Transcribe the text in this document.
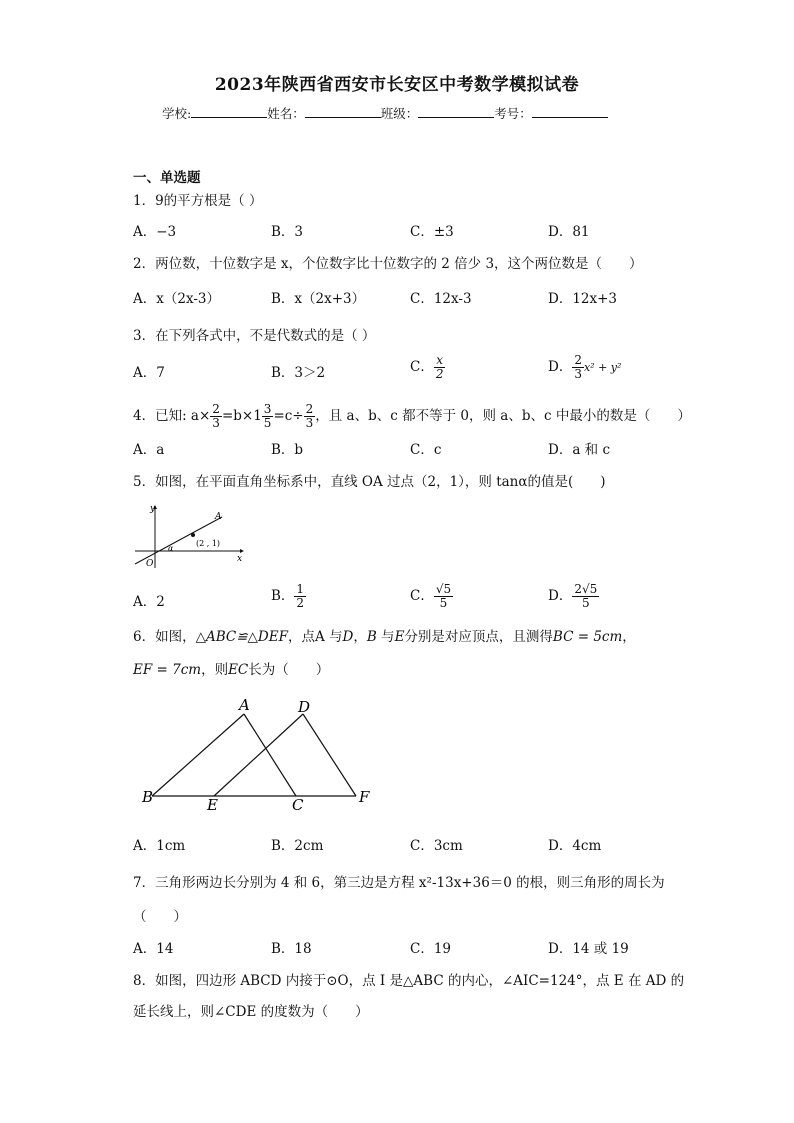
2023年陕西省西安市长安区中考数学模拟试卷
学校:	姓名：	班级：	考号：
一、单选题
1．9的平方根是（ ）
A．−3	B．3	C．±3	D．81
2．两位数，十位数字是 x，个位数字比十位数字的 2 倍少 3，这个两位数是（　　）
A．x（2x-3）	B．x（2x+3）	C．12x-3	D．12x+3
3．在下列各式中，不是代数式的是（ ）
A．7	B．3＞2	C． $\frac{x}{2}$	D． $\frac{2}{3} x^2 + y^2$
4．已知: $a\times \frac{2}{3} =b\times 1 \frac{3}{5} =c\div \frac{2}{3}$ ，且 a、b、c 都不等于 0，则 a、b、c 中最小的数是（　　）
A．a	B．b	C．c	D．a 和 c
5．如图，在平面直角坐标系中，直线 OA 过点（2，1），则 tanα的值是(　　)
y
x
O
A
α
(2 , 1)
A．2	B． $\frac{1}{2}$	C． $\frac{√5}{5}$	D． $\frac{2√5}{5}$
6．如图，△ABC≌△DEF，点A 与D，B 与E分别是对应顶点，且测得BC = 5cm，
EF = 7cm，则EC长为（　　）
A	D
B	E	C	F
A．1cm	B．2cm	C．3cm	D．4cm
7．三角形两边长分别为 4 和 6，第三边是方程 x²-13x+36＝0 的根，则三角形的周长为
（　　）
A．14	B．18	C．19	D．14 或 19
8．如图，四边形 ABCD 内接于⊙O，点 I 是△ABC 的内心，∠AIC=124°，点 E 在 AD 的
延长线上，则∠CDE 的度数为（　　）
